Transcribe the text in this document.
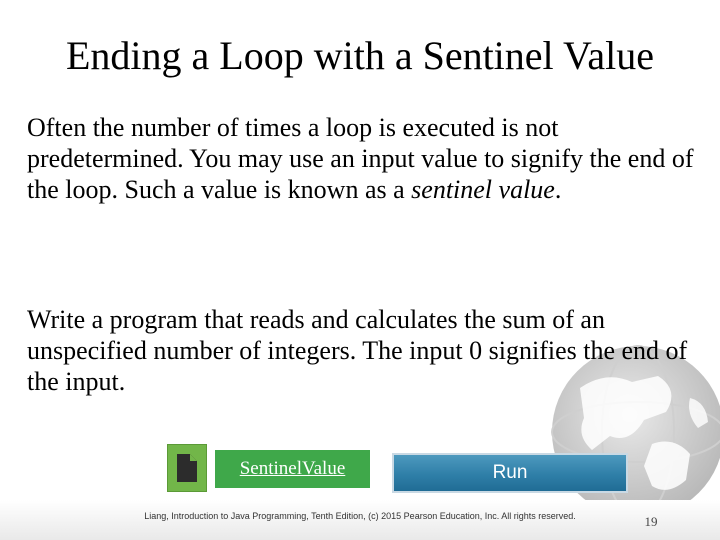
Ending a Loop with a Sentinel Value

Often the number of times a loop is executed is not predetermined. You may use an input value to signify the end of the loop. Such a value is known as a sentinel value.

Write a program that reads and calculates the sum of an unspecified number of integers. The input 0 signifies the end of the input.

SentinelValue	Run
Liang, Introduction to Java Programming, Tenth Edition, (c) 2015 Pearson Education, Inc. All rights reserved.	19
